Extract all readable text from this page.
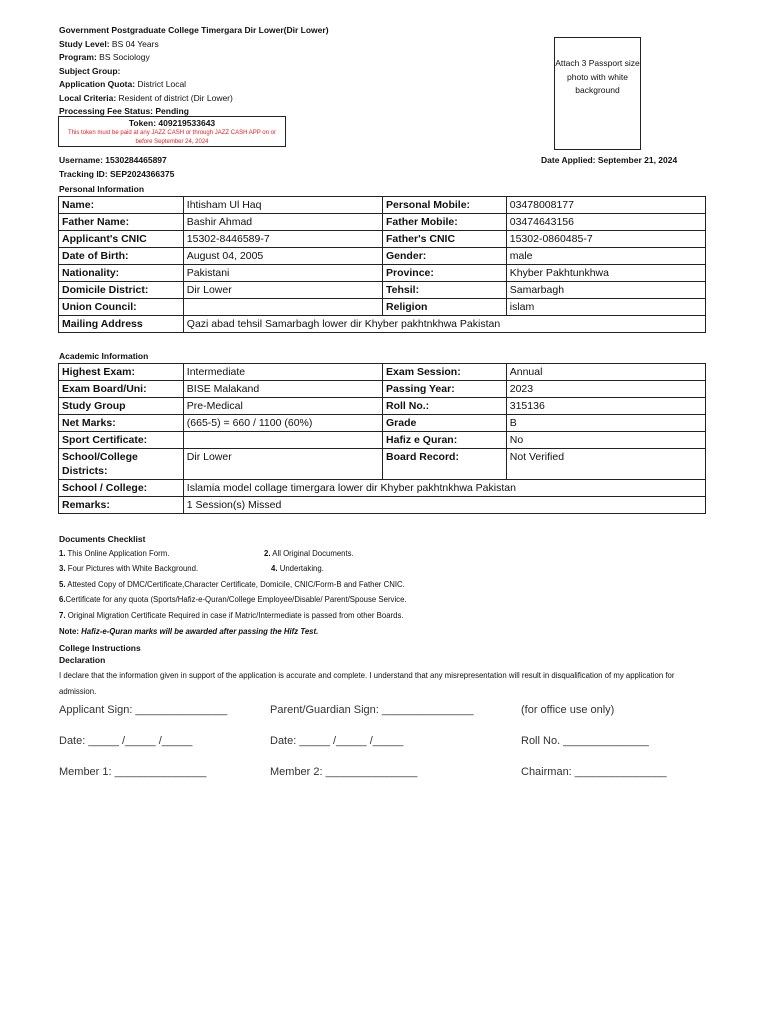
Government Postgraduate College Timergara Dir Lower(Dir Lower)
Study Level: BS 04 Years
Program: BS Sociology
Subject Group:
Application Quota: District Local
Local Criteria: Resident of district (Dir Lower)
Processing Fee Status: Pending
Token: 409219533643
This token must be paid at any JAZZ CASH or through JAZZ CASH APP on or before September 24, 2024
Attach 3 Passport size photo with white background
Username: 1530284465897
Tracking ID: SEP2024366375
Date Applied: September 21, 2024
Personal Information
Name:	Ihtisham Ul Haq	Personal Mobile:	03478008177
Father Name:	Bashir Ahmad	Father Mobile:	03474643156
Applicant's CNIC	15302-8446589-7	Father's CNIC	15302-0860485-7
Date of Birth:	August 04, 2005	Gender:	male
Nationality:	Pakistani	Province:	Khyber Pakhtunkhwa
Domicile District:	Dir Lower	Tehsil:	Samarbagh
Union Council:		Religion	islam
Mailing Address	Qazi abad tehsil Samarbagh lower dir Khyber pakhtnkhwa Pakistan		
Academic Information
Highest Exam:	Intermediate	Exam Session:	Annual
Exam Board/Uni:	BISE Malakand	Passing Year:	2023
Study Group	Pre-Medical	Roll No.:	315136
Net Marks:	(665-5) = 660 / 1100 (60%)	Grade	B
Sport Certificate:		Hafiz e Quran:	No
School/College Districts:	Dir Lower	Board Record:	Not Verified
School / College:	Islamia model collage timergara lower dir Khyber pakhtnkhwa Pakistan		
Remarks:	1 Session(s) Missed		
Documents Checklist
1. This Online Application Form.	2. All Original Documents.
3. Four Pictures with White Background.	4. Undertaking.
5. Attested Copy of DMC/Certificate,Character Certificate, Domicile, CNIC/Form-B and Father CNIC.
6.Certificate for any quota (Sports/Hafiz-e-Quran/College Employee/Disable/ Parent/Spouse Service.
7. Original Migration Certificate Required in case if Matric/Intermediate is passed from other Boards.
Note: Hafiz-e-Quran marks will be awarded after passing the Hifz Test.
College Instructions
Declaration
I declare that the information given in support of the application is accurate and complete. I understand that any misrepresentation will result in disqualification of my application for admission.
Applicant Sign: _______________	Parent/Guardian Sign: _______________	(for office use only)
Date: _____ /_____ /_____	Date: _____ /_____ /_____	Roll No. ______________
Member 1: _______________	Member 2: _______________	Chairman: _______________
